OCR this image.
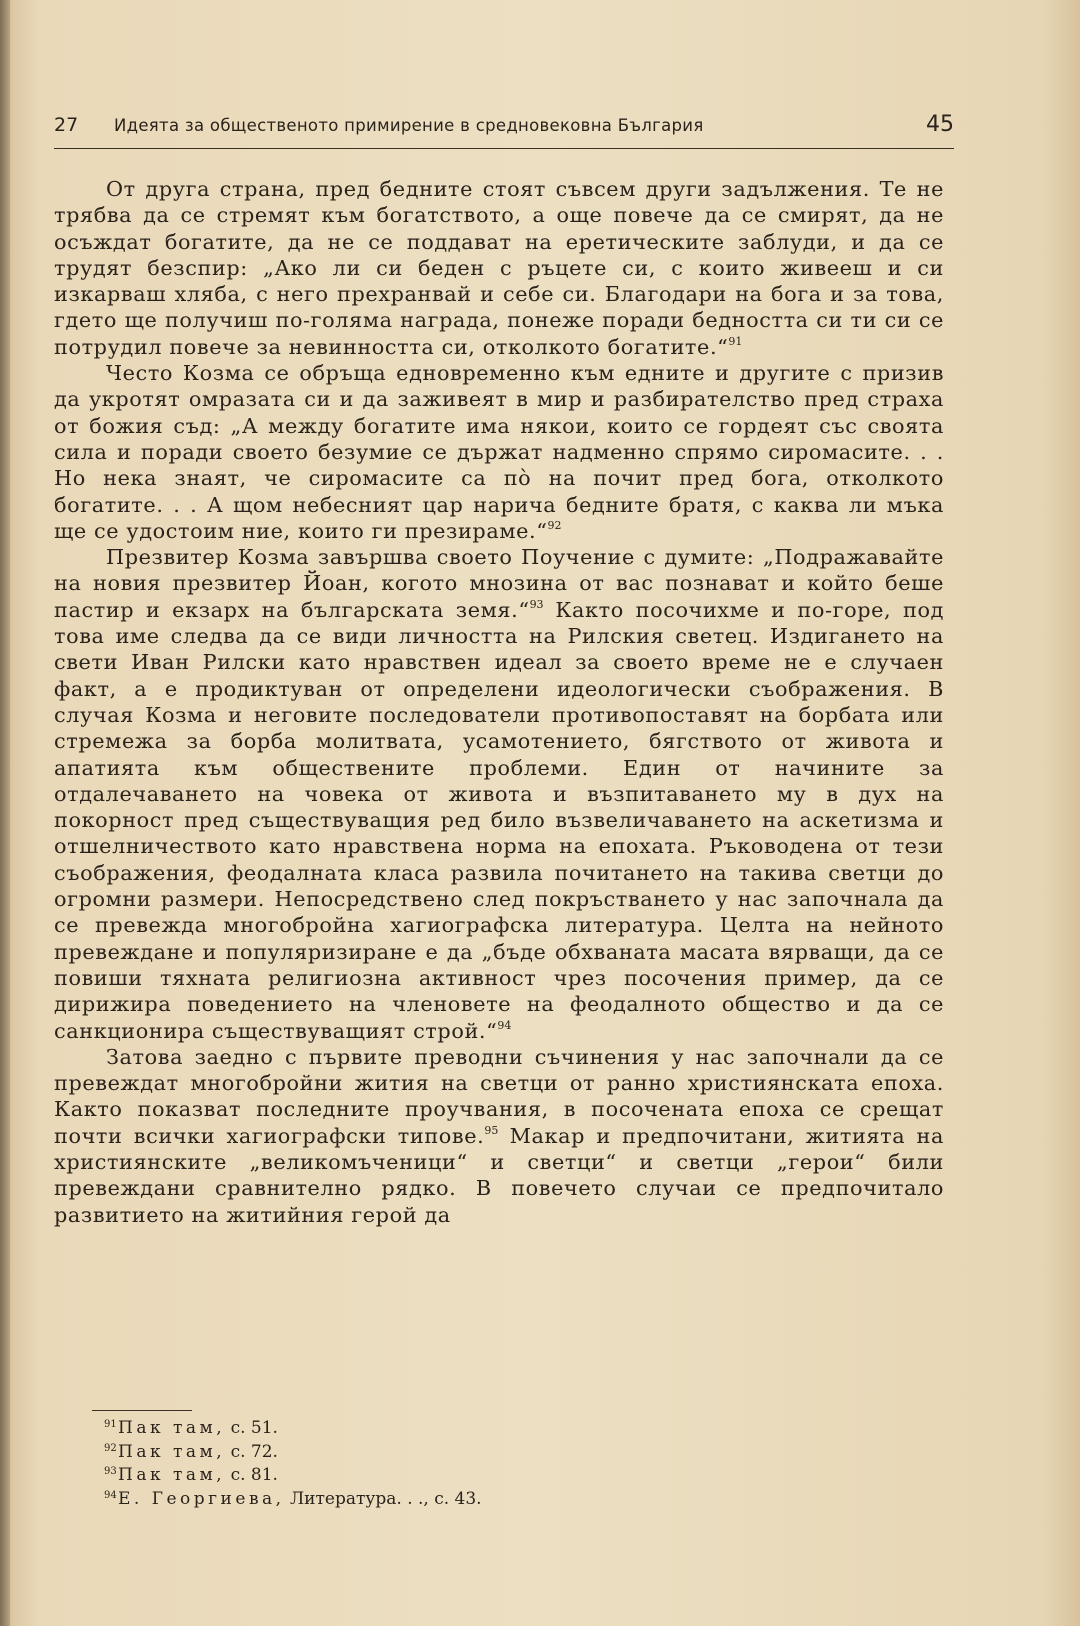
27	Идеята за общественото примирение в средновековна България	45

От друга страна, пред бедните стоят съвсем други задължения. Те не трябва да се стремят към богатството, а още повече да се смирят, да не осъждат богатите, да не се поддават на еретическите заблуди, и да се трудят безспир: „Ако ли си беден с ръцете си, с които живееш и си изкарваш хляба, с него прехранвай и себе си. Благодари на бога и за това, гдето ще получиш по-голяма награда, понеже поради бедността си ти си се потрудил повече за невинността си, отколкото богатите.“$^{91}$

Често Козма се обръща едновременно към едните и другите с призив да укротят омразата си и да заживеят в мир и разбирателство пред страха от божия съд: „А между богатите има някои, които се гордеят със своята сила и поради своето безумие се държат надменно спрямо сиромасите. . . Но нека знаят, че сиромасите са пò на почит пред бога, отколкото богатите. . . А щом небесният цар нарича бедните братя, с каква ли мъка ще се удостоим ние, които ги презираме.“$^{92}$

Презвитер Козма завършва своето Поучение с думите: „Подражавайте на новия презвитер Йоан, когото мнозина от вас познават и който беше пастир и екзарх на българската земя.“$^{93}$ Както посочихме и по-горе, под това име следва да се види личността на Рилския светец. Издигането на свети Иван Рилски като нравствен идеал за своето време не е случаен факт, а е продиктуван от определени идеологически съображения. В случая Козма и неговите последователи противопоставят на борбата или стремежа за борба молитвата, усамотението, бягството от живота и апатията към обществените проблеми. Един от начините за отдалечаването на човека от живота и възпитаването му в дух на покорност пред съществуващия ред било възвеличаването на аскетизма и отшелничеството като нравствена норма на епохата. Ръководена от тези съображения, феодалната класа развила почитането на такива светци до огромни размери. Непосредствено след покръстването у нас започнала да се превежда многобройна хагиографска литература. Целта на нейното превеждане и популяризиране е да „бъде обхваната масата вярващи, да се повиши тяхната религиозна активност чрез посочения пример, да се дирижира поведението на членовете на феодалното общество и да се санкционира съществуващият строй.“$^{94}$

Затова заедно с първите преводни съчинения у нас започнали да се превеждат многобройни жития на светци от ранно християнската епоха. Както показват последните проучвания, в посочената епоха се срещат почти всички хагиографски типове.$^{95}$ Макар и предпочитани, житията на християнските „великомъченици“ и светци“ и светци „герои“ били превеждани сравнително рядко. В повечето случаи се предпочитало развитието на житийния герой да

91 Пак там,
с. 51.
92 Пак там,
с. 72.
93 Пак там,
с. 81.
94 Е. Георгиева,
Литература. . ., с. 43.
